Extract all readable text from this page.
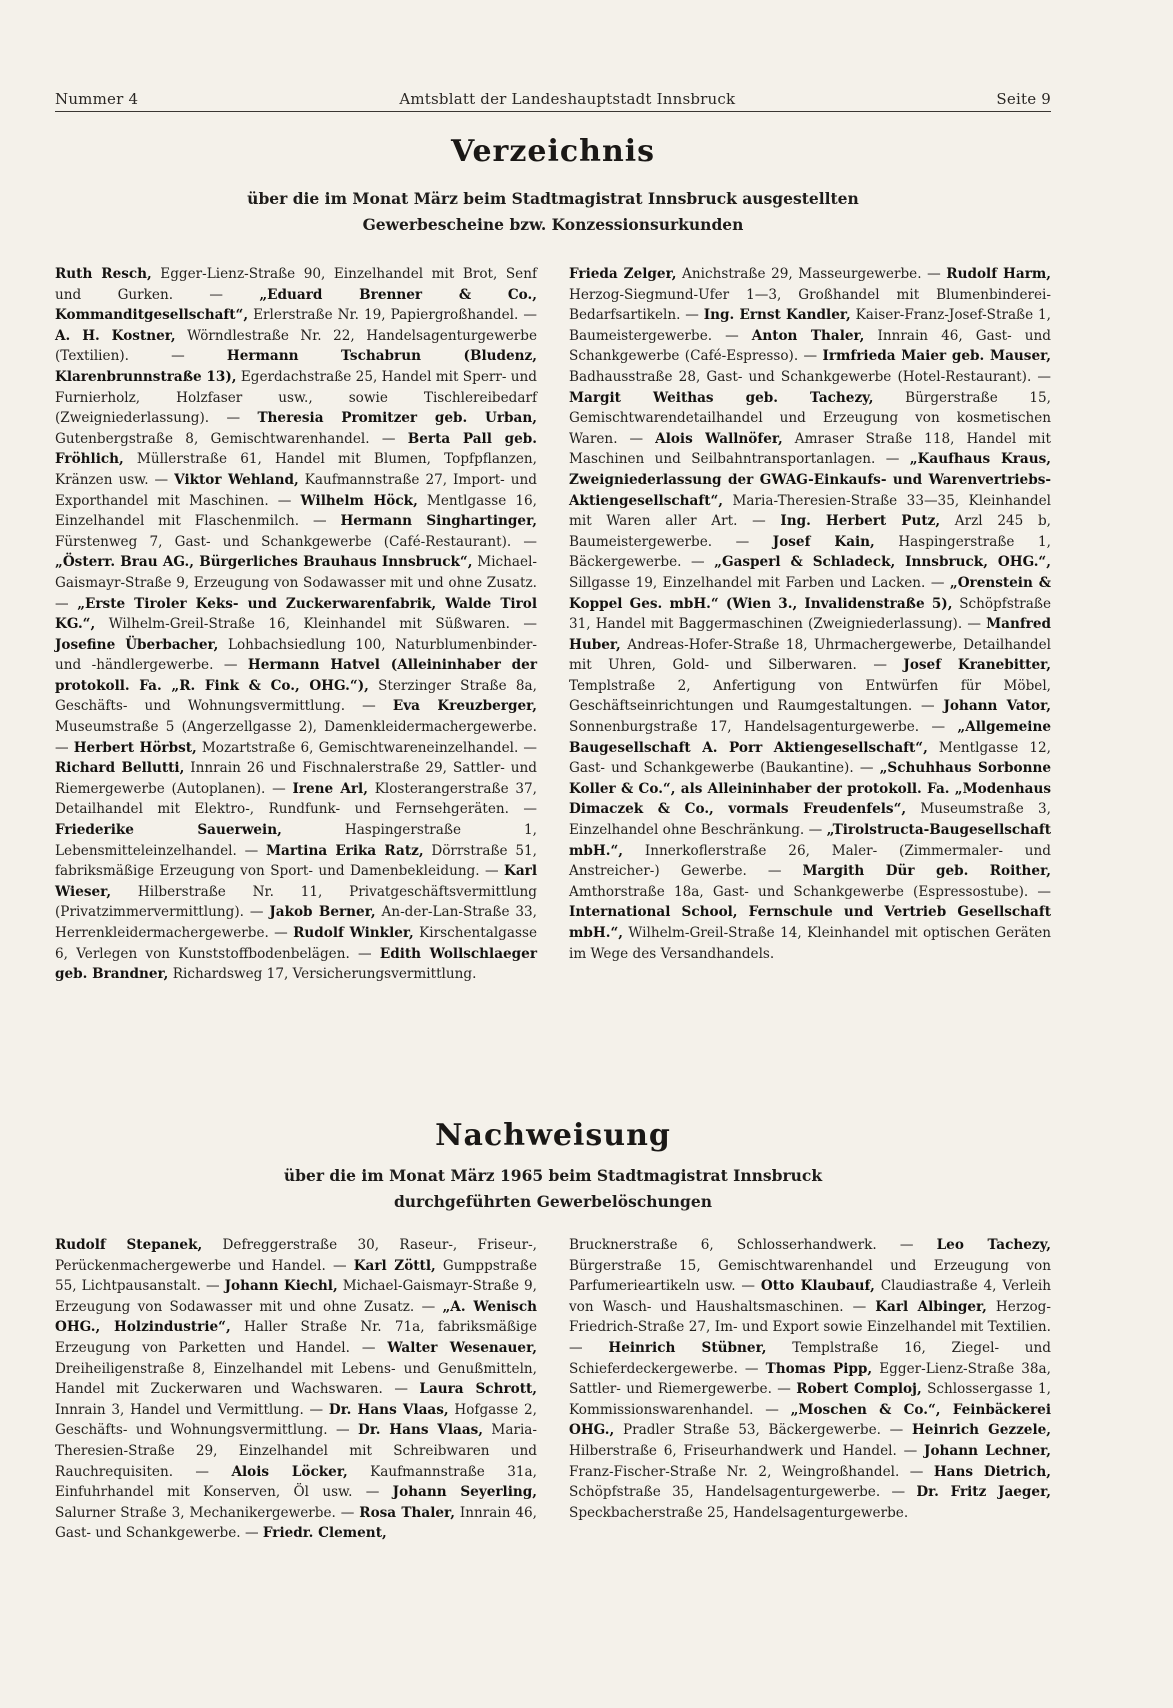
Nummer 4	Amtsblatt der Landeshauptstadt Innsbruck	Seite 9
Verzeichnis
über die im Monat März beim Stadtmagistrat Innsbruck ausgestellten
Gewerbescheine bzw. Konzessionsurkunden
Ruth Resch, Egger-Lienz-Straße 90, Einzelhandel mit Brot, Senf und Gurken. — „Eduard Brenner & Co., Kommanditgesellschaft“, Erlerstraße Nr. 19, Papiergroßhandel. — A. H. Kostner, Wörndlestraße Nr. 22, Handelsagenturgewerbe (Textilien). — Hermann Tschabrun (Bludenz, Klarenbrunnstraße 13), Egerdachstraße 25, Handel mit Sperr- und Furnierholz, Holzfaser usw., sowie Tischlereibedarf (Zweigniederlassung). — Theresia Promitzer geb. Urban, Gutenbergstraße 8, Gemischtwarenhandel. — Berta Pall geb. Fröhlich, Müllerstraße 61, Handel mit Blumen, Topfpflanzen, Kränzen usw. — Viktor Wehland, Kaufmannstraße 27, Import- und Exporthandel mit Maschinen. — Wilhelm Höck, Mentlgasse 16, Einzelhandel mit Flaschenmilch. — Hermann Singhartinger, Fürstenweg 7, Gast- und Schankgewerbe (Café-Restaurant). — „Österr. Brau AG., Bürgerliches Brauhaus Innsbruck“, Michael-Gaismayr-Straße 9, Erzeugung von Sodawasser mit und ohne Zusatz. — „Erste Tiroler Keks- und Zuckerwarenfabrik, Walde Tirol KG.“, Wilhelm-Greil-Straße 16, Kleinhandel mit Süßwaren. — Josefine Überbacher, Lohbachsiedlung 100, Naturblumenbinder- und -händlergewerbe. — Hermann Hatvel (Alleininhaber der protokoll. Fa. „R. Fink & Co., OHG.“), Sterzinger Straße 8a, Geschäfts- und Wohnungsvermittlung. — Eva Kreuzberger, Museumstraße 5 (Angerzellgasse 2), Damenkleidermachergewerbe. — Herbert Hörbst, Mozartstraße 6, Gemischtwareneinzelhandel. — Richard Bellutti, Innrain 26 und Fischnalerstraße 29, Sattler- und Riemergewerbe (Autoplanen). — Irene Arl, Klosterangerstraße 37, Detailhandel mit Elektro-, Rundfunk- und Fernsehgeräten. — Friederike Sauerwein, Haspingerstraße 1, Lebensmitteleinzelhandel. — Martina Erika Ratz, Dörrstraße 51, fabriksmäßige Erzeugung von Sport- und Damenbekleidung. — Karl Wieser, Hilberstraße Nr. 11, Privatgeschäftsvermittlung (Privatzimmervermittlung). — Jakob Berner, An-der-Lan-Straße 33, Herrenkleidermachergewerbe. — Rudolf Winkler, Kirschentalgasse 6, Verlegen von Kunststoffbodenbelägen. — Edith Wollschlaeger geb. Brandner, Richardsweg 17, Versicherungsvermittlung.
Frieda Zelger, Anichstraße 29, Masseurgewerbe. — Rudolf Harm, Herzog-Siegmund-Ufer 1—3, Großhandel mit Blumenbinderei-Bedarfsartikeln. — Ing. Ernst Kandler, Kaiser-Franz-Josef-Straße 1, Baumeistergewerbe. — Anton Thaler, Innrain 46, Gast- und Schankgewerbe (Café-Espresso). — Irmfrieda Maier geb. Mauser, Badhausstraße 28, Gast- und Schankgewerbe (Hotel-Restaurant). — Margit Weithas geb. Tachezy, Bürgerstraße 15, Gemischtwarendetailhandel und Erzeugung von kosmetischen Waren. — Alois Wallnöfer, Amraser Straße 118, Handel mit Maschinen und Seilbahntransportanlagen. — „Kaufhaus Kraus, Zweigniederlassung der GWAG-Einkaufs- und Warenvertriebs-Aktiengesellschaft“, Maria-Theresien-Straße 33—35, Kleinhandel mit Waren aller Art. — Ing. Herbert Putz, Arzl 245 b, Baumeistergewerbe. — Josef Kain, Haspingerstraße 1, Bäckergewerbe. — „Gasperl & Schladeck, Innsbruck, OHG.“, Sillgasse 19, Einzelhandel mit Farben und Lacken. — „Orenstein & Koppel Ges. mbH.“ (Wien 3., Invalidenstraße 5), Schöpfstraße 31, Handel mit Baggermaschinen (Zweigniederlassung). — Manfred Huber, Andreas-Hofer-Straße 18, Uhrmachergewerbe, Detailhandel mit Uhren, Gold- und Silberwaren. — Josef Kranebitter, Templstraße 2, Anfertigung von Entwürfen für Möbel, Geschäftseinrichtungen und Raumgestaltungen. — Johann Vator, Sonnenburgstraße 17, Handelsagenturgewerbe. — „Allgemeine Baugesellschaft A. Porr Aktiengesellschaft“, Mentlgasse 12, Gast- und Schankgewerbe (Baukantine). — „Schuhhaus Sorbonne Koller & Co.“, als Alleininhaber der protokoll. Fa. „Modenhaus Dimaczek & Co., vormals Freudenfels“, Museumstraße 3, Einzelhandel ohne Beschränkung. — „Tirolstructa-Baugesellschaft mbH.“, Innerkoflerstraße 26, Maler- (Zimmermaler- und Anstreicher-) Gewerbe. — Margith Dür geb. Roither, Amthorstraße 18a, Gast- und Schankgewerbe (Espressostube). — International School, Fernschule und Vertrieb Gesellschaft mbH.“, Wilhelm-Greil-Straße 14, Kleinhandel mit optischen Geräten im Wege des Versandhandels.
Nachweisung
über die im Monat März 1965 beim Stadtmagistrat Innsbruck
durchgeführten Gewerbelöschungen
Rudolf Stepanek, Defreggerstraße 30, Raseur-, Friseur-, Perückenmachergewerbe und Handel. — Karl Zöttl, Gumppstraße 55, Lichtpausanstalt. — Johann Kiechl, Michael-Gaismayr-Straße 9, Erzeugung von Sodawasser mit und ohne Zusatz. — „A. Wenisch OHG., Holzindustrie“, Haller Straße Nr. 71a, fabriksmäßige Erzeugung von Parketten und Handel. — Walter Wesenauer, Dreiheiligenstraße 8, Einzelhandel mit Lebens- und Genußmitteln, Handel mit Zuckerwaren und Wachswaren. — Laura Schrott, Innrain 3, Handel und Vermittlung. — Dr. Hans Vlaas, Hofgasse 2, Geschäfts- und Wohnungsvermittlung. — Dr. Hans Vlaas, Maria-Theresien-Straße 29, Einzelhandel mit Schreibwaren und Rauchrequisiten. — Alois Löcker, Kaufmannstraße 31a, Einfuhrhandel mit Konserven, Öl usw. — Johann Seyerling, Salurner Straße 3, Mechanikergewerbe. — Rosa Thaler, Innrain 46, Gast- und Schankgewerbe. — Friedr. Clement,
Brucknerstraße 6, Schlosserhandwerk. — Leo Tachezy, Bürgerstraße 15, Gemischtwarenhandel und Erzeugung von Parfumerieartikeln usw. — Otto Klaubauf, Claudiastraße 4, Verleih von Wasch- und Haushaltsmaschinen. — Karl Albinger, Herzog-Friedrich-Straße 27, Im- und Export sowie Einzelhandel mit Textilien. — Heinrich Stübner, Templstraße 16, Ziegel- und Schieferdeckergewerbe. — Thomas Pipp, Egger-Lienz-Straße 38a, Sattler- und Riemergewerbe. — Robert Comploj, Schlossergasse 1, Kommissionswarenhandel. — „Moschen & Co.“, Feinbäckerei OHG., Pradler Straße 53, Bäckergewerbe. — Heinrich Gezzele, Hilberstraße 6, Friseurhandwerk und Handel. — Johann Lechner, Franz-Fischer-Straße Nr. 2, Weingroßhandel. — Hans Dietrich, Schöpfstraße 35, Handelsagenturgewerbe. — Dr. Fritz Jaeger, Speckbacherstraße 25, Handelsagenturgewerbe.
